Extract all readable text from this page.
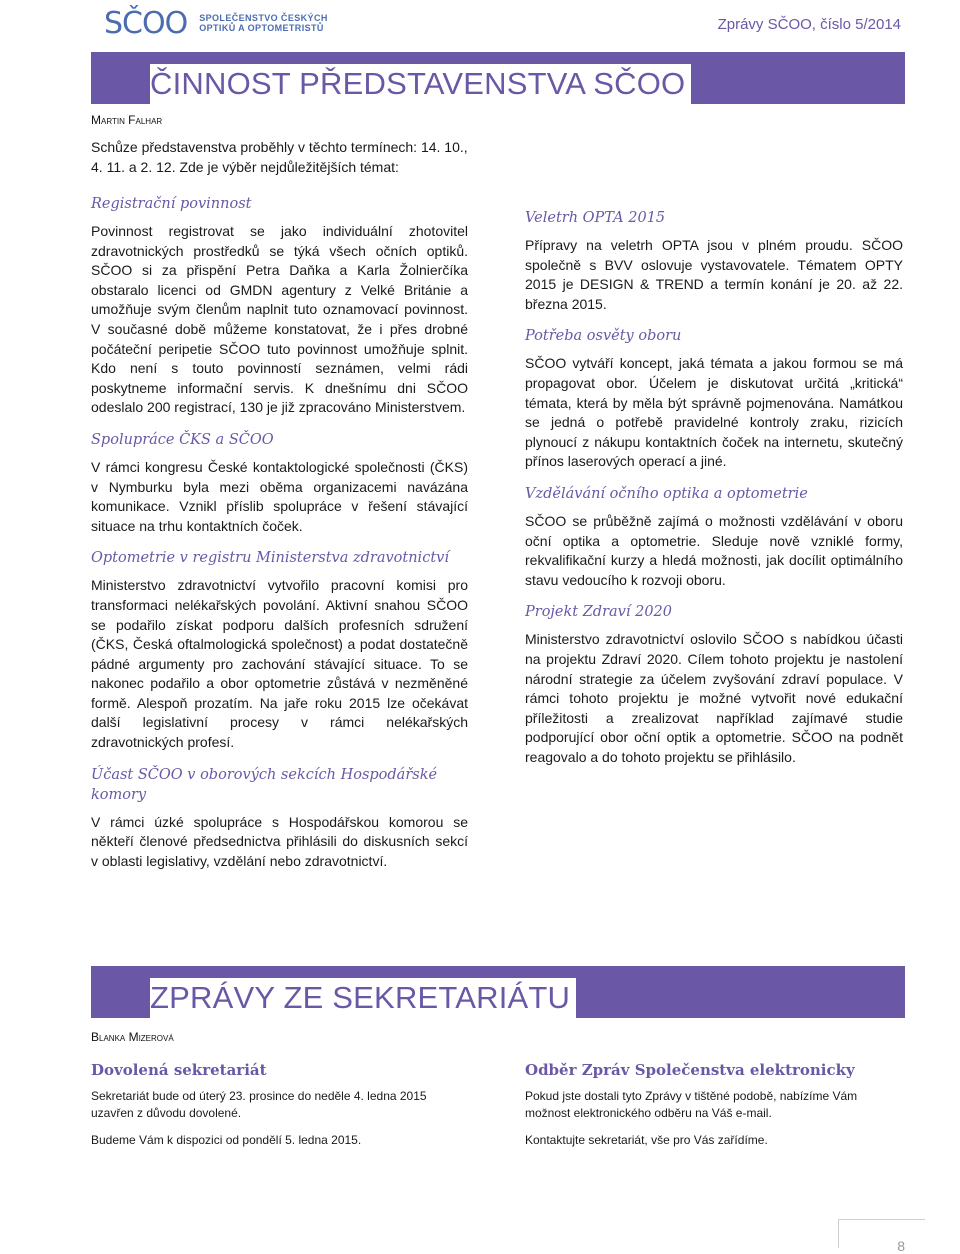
SČOO SPOLEČENSTVO ČESKÝCH
OPTIKŮ A OPTOMETRISTŮ	Zprávy SČOO, číslo 5/2014
ČINNOST PŘEDSTAVENSTVA SČOO
Martin Falhar

Schůze představenstva proběhly v těchto termínech: 14. 10., 4. 11. a 2. 12. Zde je výběr nejdůležitějších témat:

Registrační povinnost

Povinnost registrovat se jako individuální zhotovitel zdravotnických prostředků se týká všech očních optiků. SČOO si za přispění Petra Daňka a Karla Žolnierčíka obstaralo licenci od GMDN agentury z Velké Británie a umožňuje svým členům naplnit tuto oznamovací povinnost. V současné době můžeme konstatovat, že i přes drobné počáteční peripetie SČOO tuto povinnost umožňuje splnit. Kdo není s touto povinností seznámen, velmi rádi poskytneme informační servis. K dnešnímu dni SČOO odeslalo 200 registrací, 130 je již zpracováno Ministerstvem.

Spolupráce ČKS a SČOO

V rámci kongresu České kontaktologické společnosti (ČKS) v Nymburku byla mezi oběma organizacemi navázána komunikace. Vznikl příslib spolupráce v řešení stávající situace na trhu kontaktních čoček.

Optometrie v registru Ministerstva zdravotnictví

Ministerstvo zdravotnictví vytvořilo pracovní komisi pro transformaci nelékařských povolání. Aktivní snahou SČOO se podařilo získat podporu dalších profesních sdružení (ČKS, Česká oftalmologická společnost) a podat dostatečně pádné argumenty pro zachování stávající situace. To se nakonec podařilo a obor optometrie zůstává v nezměněné formě. Alespoň prozatím. Na jaře roku 2015 lze očekávat další legislativní procesy v rámci nelékařských zdravotnických profesí.

Účast SČOO v oborových sekcích Hospodářské komory

V rámci úzké spolupráce s Hospodářskou komorou se někteří členové předsednictva přihlásili do diskusních sekcí v oblasti legislativy, vzdělání nebo zdravotnictví.

Veletrh OPTA 2015

Přípravy na veletrh OPTA jsou v plném proudu. SČOO společně s BVV oslovuje vystavovatele. Tématem OPTY 2015 je DESIGN & TREND a termín konání je 20. až 22. března 2015.

Potřeba osvěty oboru

SČOO vytváří koncept, jaká témata a jakou formou se má propagovat obor. Účelem je diskutovat určitá „kritická“ témata, která by měla být správně pojmenována. Namátkou se jedná o potřebě pravidelné kontroly zraku, rizicích plynoucí z nákupu kontaktních čoček na internetu, skutečný přínos laserových operací a jiné.

Vzdělávání očního optika a optometrie

SČOO se průběžně zajímá o možnosti vzdělávání v oboru oční optika a optometrie. Sleduje nově vzniklé formy, rekvalifikační kurzy a hledá možnosti, jak docílit optimálního stavu vedoucího k rozvoji oboru.

Projekt Zdraví 2020

Ministerstvo zdravotnictví oslovilo SČOO s nabídkou účasti na projektu Zdraví 2020. Cílem tohoto projektu je nastolení národní strategie za účelem zvyšování zdraví populace. V rámci tohoto projektu je možné vytvořit nové edukační příležitosti a zrealizovat například zajímavé studie podporující obor oční optik a optometrie. SČOO na podnět reagovalo a do tohoto projektu se přihlásilo.

ZPRÁVY ZE SEKRETARIÁTU
Blanka Mizerová
Dovolená sekretariát

Sekretariát bude od úterý 23. prosince do neděle 4. ledna 2015 uzavřen z důvodu dovolené.

Budeme Vám k dispozici od pondělí 5. ledna 2015.

Odběr Zpráv Společenstva elektronicky

Pokud jste dostali tyto Zprávy v tištěné podobě, nabízíme Vám možnost elektronického odběru na Váš e-mail.

Kontaktujte sekretariát, vše pro Vás zařídíme.

8
